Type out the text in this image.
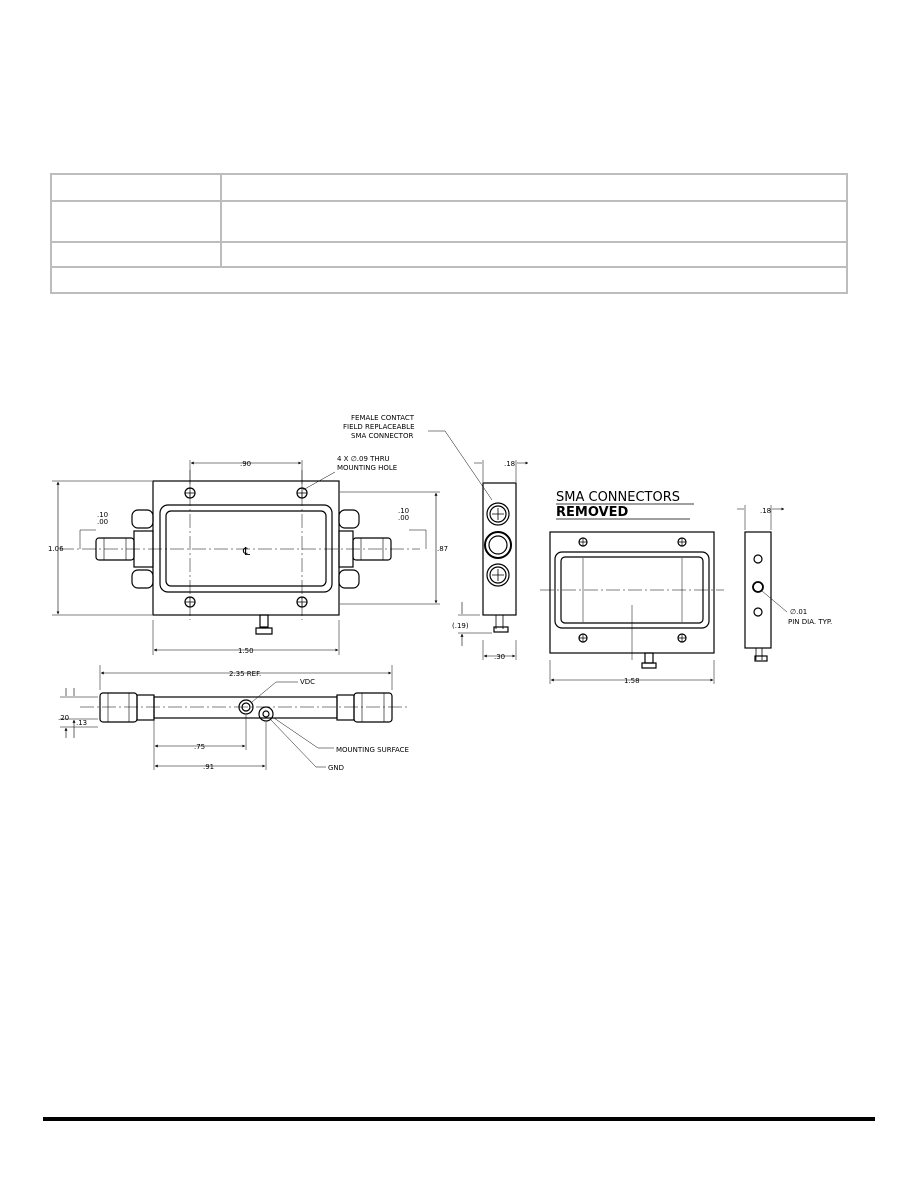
.90
4 X ∅.09 THRU
MOUNTING HOLE
1.06
.10
.00
.10
.00
.87
℄
1.50
FEMALE CONTACT
FIELD REPLACEABLE
SMA CONNECTOR
.18
(.19)
.30
SMA CONNECTORS
REMOVED
1.58
.18
∅.01
PIN DIA. TYP.
2.35 REF.
VDC
.20
.13
.75
.91
MOUNTING SURFACE
GND
